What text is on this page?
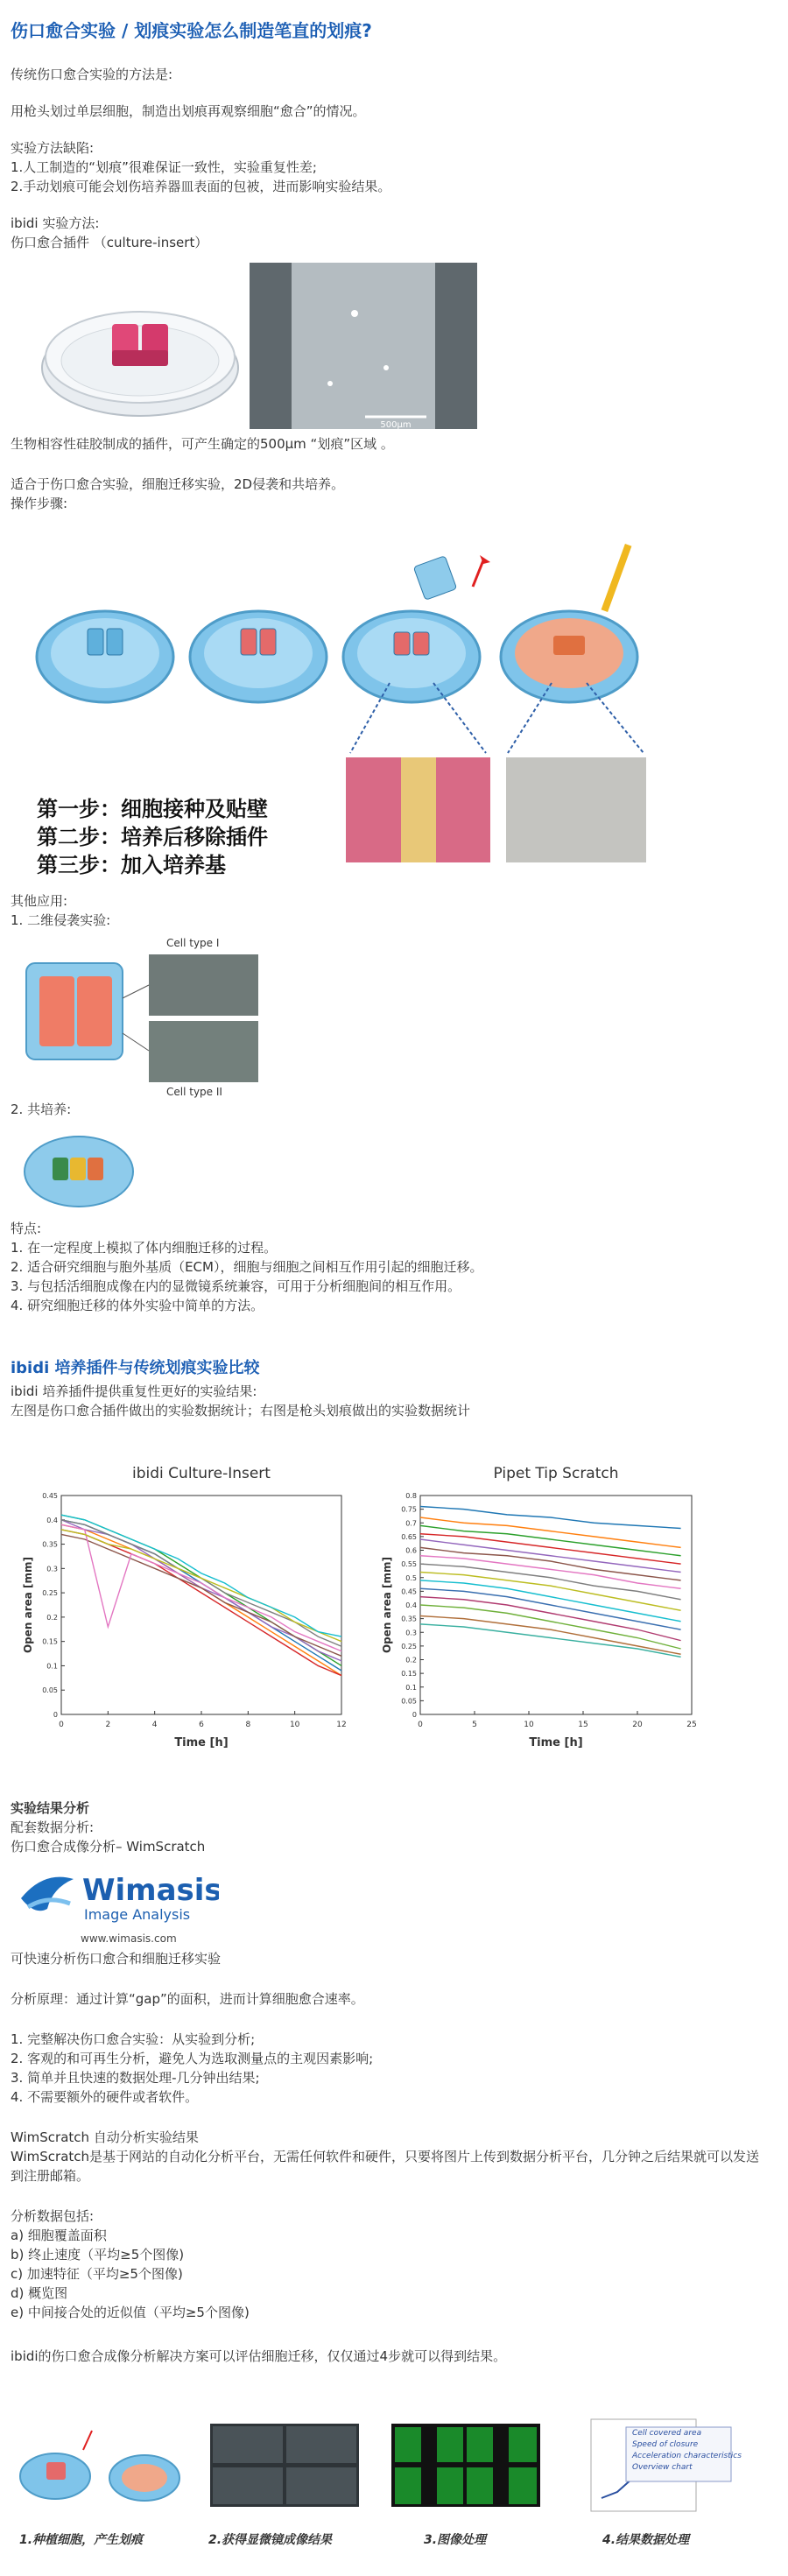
伤口愈合实验 / 划痕实验怎么制造笔直的划痕?
传统伤口愈合实验的方法是:
用枪头划过单层细胞，制造出划痕再观察细胞“愈合”的情况。
实验方法缺陷:
1.人工制造的“划痕”很难保证一致性，实验重复性差;
2.手动划痕可能会划伤培养器皿表面的包被，进而影响实验结果。
ibidi 实验方法:
伤口愈合插件 （culture-insert）
500µm
生物相容性硅胶制成的插件，可产生确定的500µm “划痕”区域 。
适合于伤口愈合实验，细胞迁移实验，2D侵袭和共培养。
操作步骤:
第一步：细胞接种及贴壁
第二步：培养后移除插件
第三步：加入培养基
其他应用:
1. 二维侵袭实验:
Cell type I
Cell type II
2. 共培养:
特点:
1. 在一定程度上模拟了体内细胞迁移的过程。
2. 适合研究细胞与胞外基质（ECM），细胞与细胞之间相互作用引起的细胞迁移。
3. 与包括活细胞成像在内的显微镜系统兼容，可用于分析细胞间的相互作用。
4. 研究细胞迁移的体外实验中简单的方法。
ibidi 培养插件与传统划痕实验比较
ibidi 培养插件提供重复性更好的实验结果:
左图是伤口愈合插件做出的实验数据统计；右图是枪头划痕做出的实验数据统计
ibidi Culture-Insert
0	2	4	6	8	10	12
0
0.05
0.1
0.15
0.2
0.25
0.3
0.35
0.4
0.45
Time [h]
Open area [mm]
Pipet Tip Scratch
0	5	10	15	20	25
0
0.05
0.1
0.15
0.2
0.25
0.3
0.35
0.4
0.45
0.5
0.55
0.6
0.65
0.7
0.75
0.8
Time [h]
Open area [mm]
实验结果分析
配套数据分析:
伤口愈合成像分析– WimScratch
Wimasis
Image Analysis
www.wimasis.com
可快速分析伤口愈合和细胞迁移实验
分析原理：通过计算“gap”的面积，进而计算细胞愈合速率。
1. 完整解决伤口愈合实验：从实验到分析;
2. 客观的和可再生分析，避免人为选取测量点的主观因素影响;
3. 简单并且快速的数据处理-几分钟出结果;
4. 不需要额外的硬件或者软件。
WimScratch 自动分析实验结果
WimScratch是基于网站的自动化分析平台，无需任何软件和硬件，只要将图片上传到数据分析平台，几分钟之后结果就可以发送到注册邮箱。
分析数据包括:
a) 细胞覆盖面积
b) 终止速度（平均≥5个图像)
c) 加速特征（平均≥5个图像)
d) 概览图
e) 中间接合处的近似值（平均≥5个图像)
ibidi的伤口愈合成像分析解决方案可以评估细胞迁移，仅仅通过4步就可以得到结果。
Cell covered area
Speed of closure
Acceleration characteristics
Overview chart
1.种植细胞，产生划痕	2.获得显微镜成像结果	3.图像处理	4.结果数据处理
